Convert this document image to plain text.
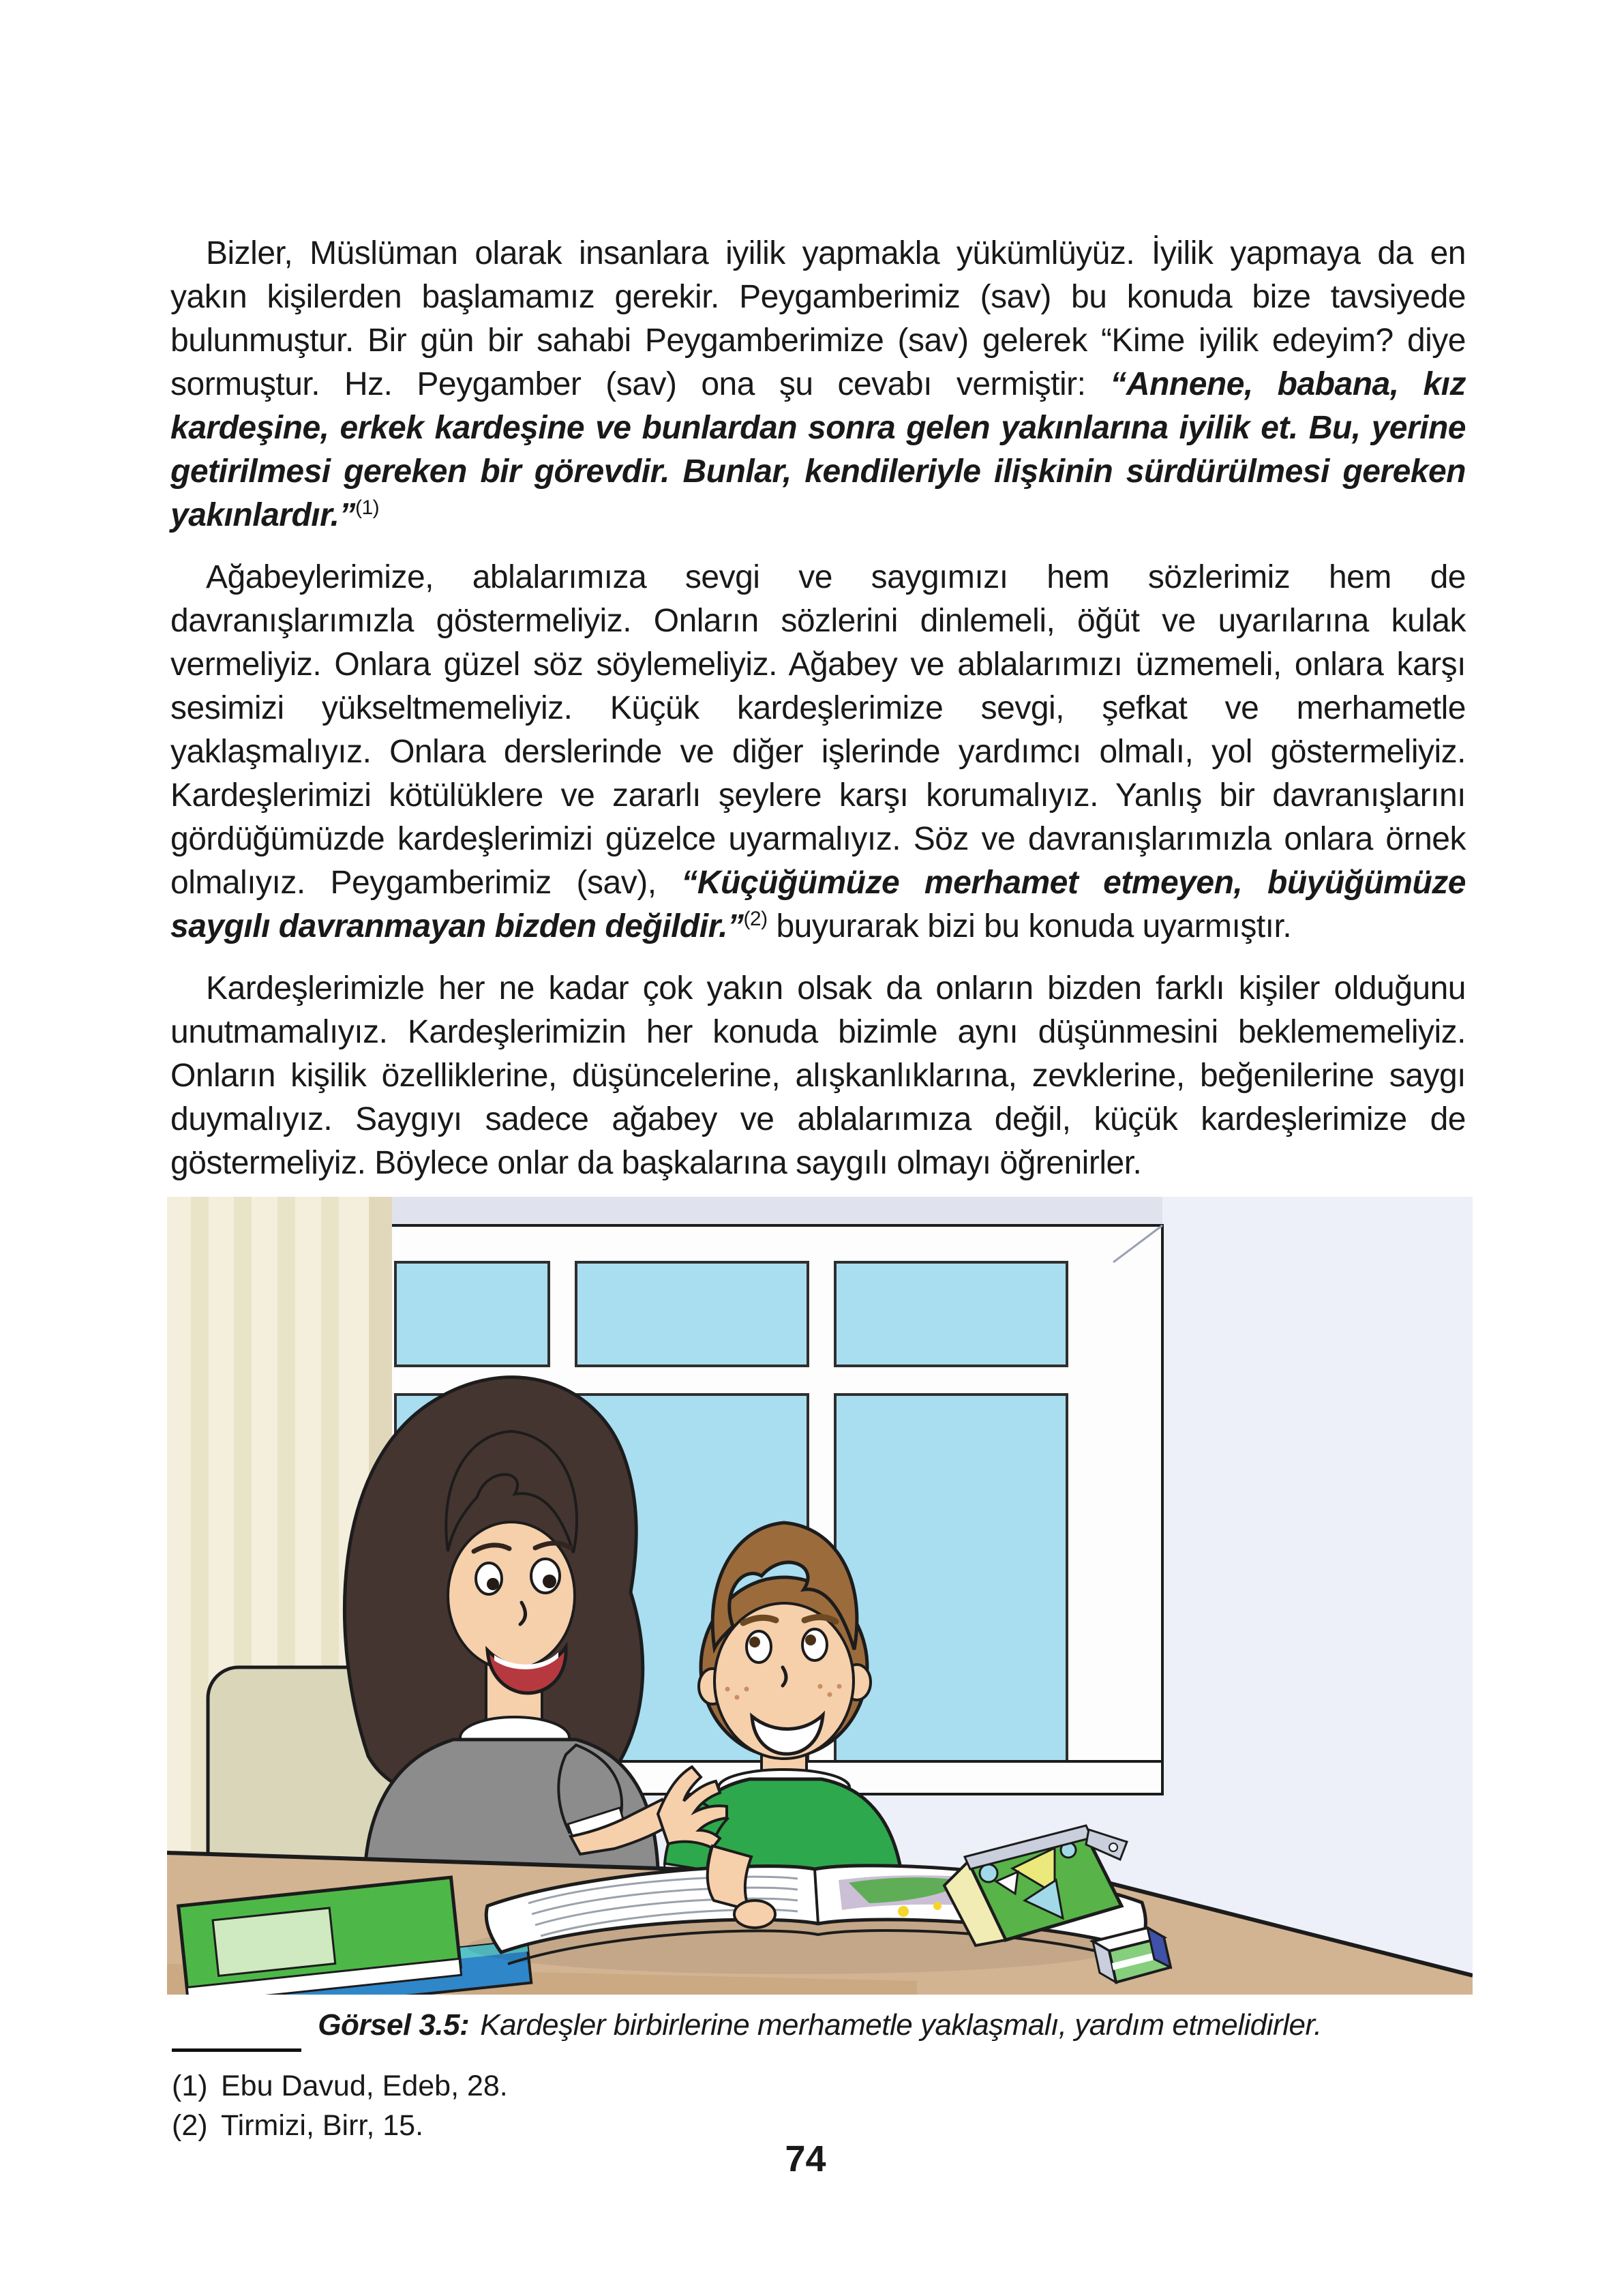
Bizler, Müslüman olarak insanlara iyilik yapmakla yükümlüyüz. İyilik yapmaya da en yakın kişilerden başlamamız gerekir. Peygamberimiz (sav) bu konuda bize tavsiyede bulunmuştur. Bir gün bir sahabi Peygamberimize (sav) gelerek “Kime iyilik edeyim? diye sormuştur. Hz. Peygamber (sav) ona şu cevabı vermiştir: “Annene, babana, kız kardeşine, erkek kardeşine ve bunlardan sonra gelen yakınlarına iyilik et. Bu, yerine getirilmesi gereken bir görevdir. Bunlar, kendileriyle ilişkinin sürdürülmesi gereken yakınlardır.”$^{(1)}$

Ağabeylerimize, ablalarımıza sevgi ve saygımızı hem sözlerimiz hem de davranışlarımızla göstermeliyiz. Onların sözlerini dinlemeli, öğüt ve uyarılarına kulak vermeliyiz. Onlara güzel söz söylemeliyiz. Ağabey ve ablalarımızı üzmemeli, onlara karşı sesimizi yükseltmemeliyiz. Küçük kardeşlerimize sevgi, şefkat ve merhametle yaklaşmalıyız. Onlara derslerinde ve diğer işlerinde yardımcı olmalı, yol göstermeliyiz. Kardeşlerimizi kötülüklere ve zararlı şeylere karşı korumalıyız. Yanlış bir davranışlarını gördüğümüzde kardeşlerimizi güzelce uyarmalıyız. Söz ve davranışlarımızla onlara örnek olmalıyız. Peygamberimiz (sav), “Küçüğümüze merhamet etmeyen, büyüğümüze saygılı davranmayan bizden değildir.”$^{(2)}$ buyurarak bizi bu konuda uyarmıştır.

Kardeşlerimizle her ne kadar çok yakın olsak da onların bizden farklı kişiler olduğunu unutmamalıyız. Kardeşlerimizin her konuda bizimle aynı düşünmesini beklememeliyiz. Onların kişilik özelliklerine, düşüncelerine, alışkanlıklarına, zevklerine, beğenilerine saygı duymalıyız. Saygıyı sadece ağabey ve ablalarımıza değil, küçük kardeşlerimize de göstermeliyiz. Böylece onlar da başkalarına saygılı olmayı öğrenirler.

Görsel 3.5: Kardeşler birbirlerine merhametle yaklaşmalı, yardım etmelidirler.
(1) Ebu Davud, Edeb, 28.
(2) Tirmizi, Birr, 15.
74
